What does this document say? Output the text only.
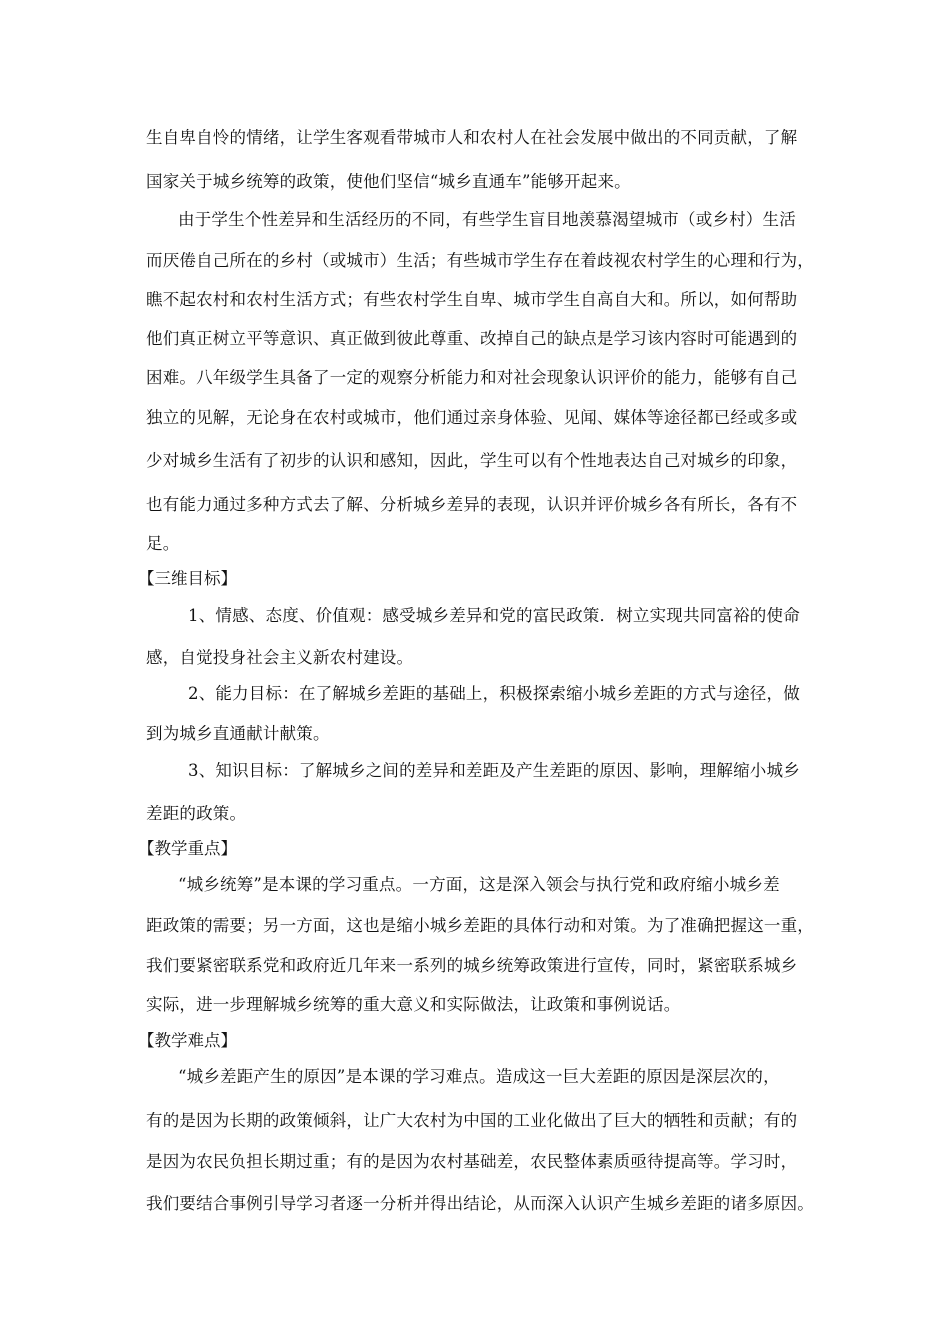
生自卑自怜的情绪，让学生客观看带城市人和农村人在社会发展中做出的不同贡献，了解
国家关于城乡统筹的政策，使他们坚信“城乡直通车”能够开起来。
由于学生个性差异和生活经历的不同，有些学生盲目地羡慕渴望城市（或乡村）生活
而厌倦自己所在的乡村（或城市）生活；有些城市学生存在着歧视农村学生的心理和行为，
瞧不起农村和农村生活方式；有些农村学生自卑、城市学生自高自大和。所以，如何帮助
他们真正树立平等意识、真正做到彼此尊重、改掉自己的缺点是学习该内容时可能遇到的
困难。八年级学生具备了一定的观察分析能力和对社会现象认识评价的能力，能够有自己
独立的见解，无论身在农村或城市，他们通过亲身体验、见闻、媒体等途径都已经或多或
少对城乡生活有了初步的认识和感知，因此，学生可以有个性地表达自己对城乡的印象，
也有能力通过多种方式去了解、分析城乡差异的表现，认识并评价城乡各有所长，各有不
足。
【三维目标】
1、情感、态度、价值观：感受城乡差异和党的富民政策．树立实现共同富裕的使命
感，自觉投身社会主义新农村建设。
2、能力目标：在了解城乡差距的基础上，积极探索缩小城乡差距的方式与途径，做
到为城乡直通献计献策。
3、知识目标：了解城乡之间的差异和差距及产生差距的原因、影响，理解缩小城乡
差距的政策。
【教学重点】
“城乡统筹”是本课的学习重点。一方面，这是深入领会与执行党和政府缩小城乡差
距政策的需要；另一方面，这也是缩小城乡差距的具体行动和对策。为了准确把握这一重，
我们要紧密联系党和政府近几年来一系列的城乡统筹政策进行宣传，同时，紧密联系城乡
实际，进一步理解城乡统筹的重大意义和实际做法，让政策和事例说话。
【教学难点】
“城乡差距产生的原因”是本课的学习难点。造成这一巨大差距的原因是深层次的，
有的是因为长期的政策倾斜，让广大农村为中国的工业化做出了巨大的牺牲和贡献；有的
是因为农民负担长期过重；有的是因为农村基础差，农民整体素质亟待提高等。学习时，
我们要结合事例引导学习者逐一分析并得出结论，从而深入认识产生城乡差距的诸多原因。
